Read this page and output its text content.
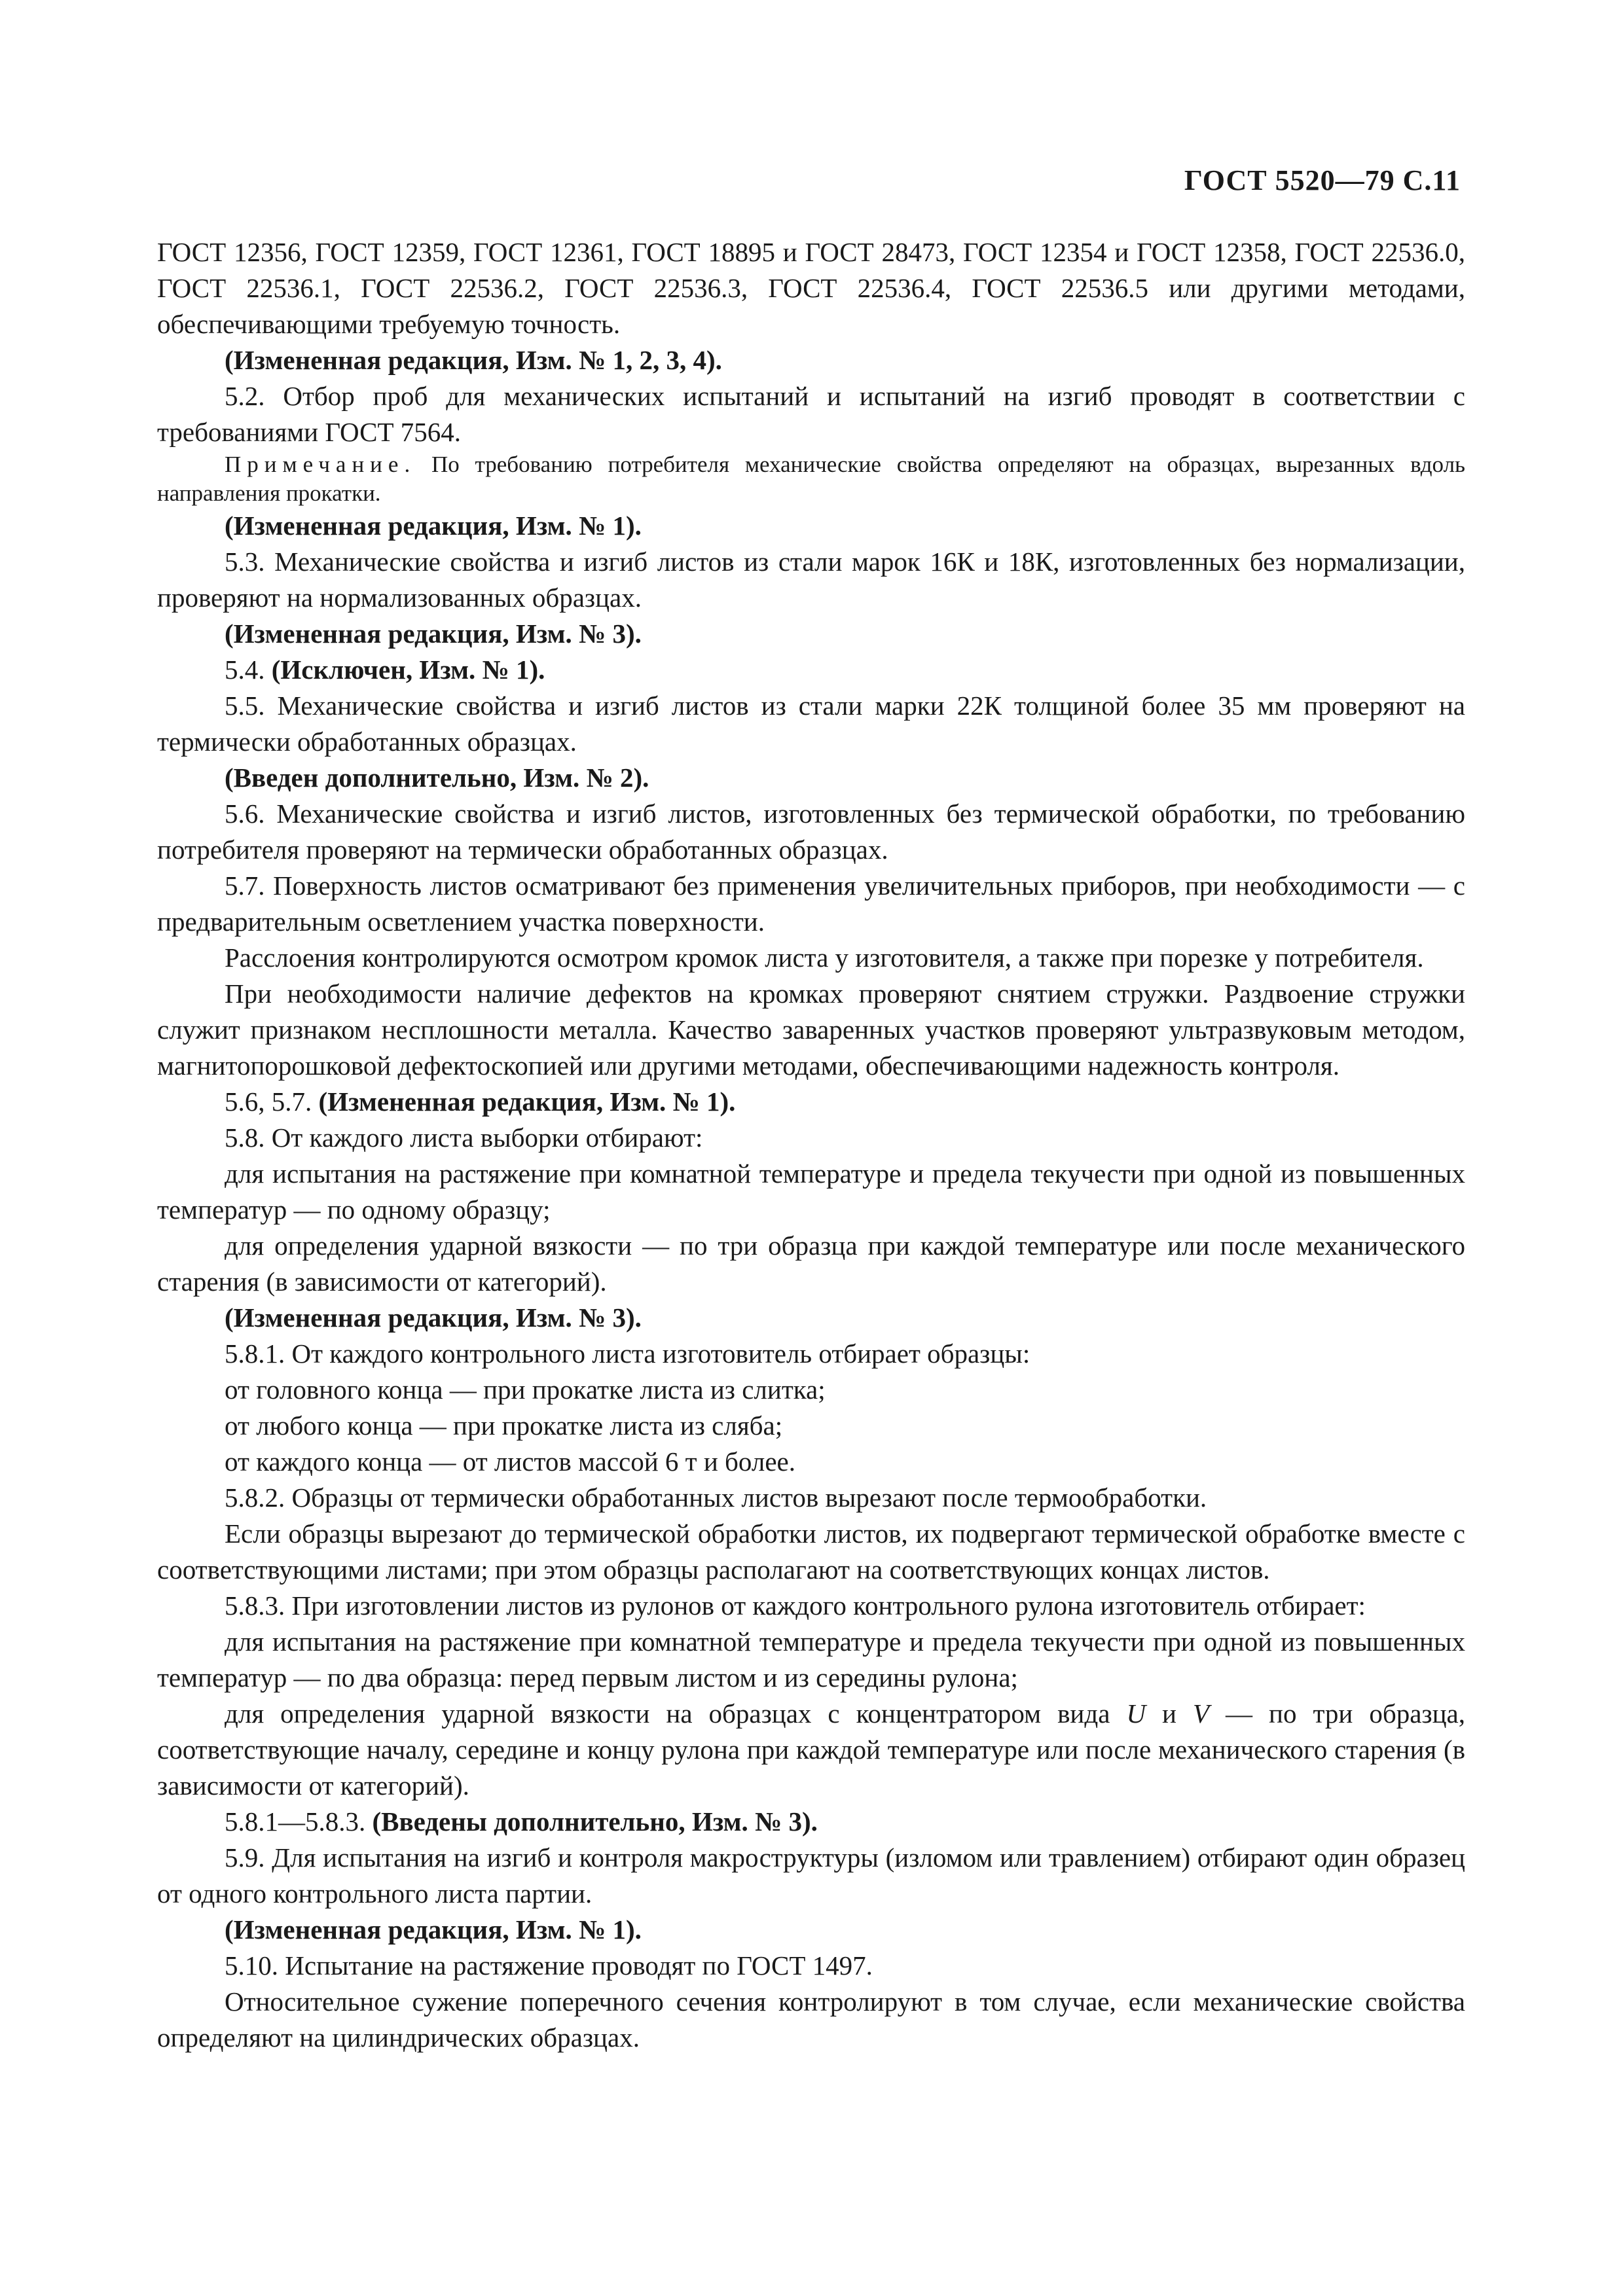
ГОСТ 5520—79 С.11

ГОСТ 12356, ГОСТ 12359, ГОСТ 12361, ГОСТ 18895 и ГОСТ 28473, ГОСТ 12354 и ГОСТ 12358, ГОСТ 22536.0, ГОСТ 22536.1, ГОСТ 22536.2, ГОСТ 22536.3, ГОСТ 22536.4, ГОСТ 22536.5 или другими методами, обеспечивающими требуемую точность.

(Измененная редакция, Изм. № 1, 2, 3, 4).

5.2. Отбор проб для механических испытаний и испытаний на изгиб проводят в соответствии с требованиями ГОСТ 7564.

Примечание. По требованию потребителя механические свойства определяют на образцах, вырезанных вдоль направления прокатки.

(Измененная редакция, Изм. № 1).

5.3. Механические свойства и изгиб листов из стали марок 16К и 18К, изготовленных без нормализации, проверяют на нормализованных образцах.

(Измененная редакция, Изм. № 3).

5.4. (Исключен, Изм. № 1).

5.5. Механические свойства и изгиб листов из стали марки 22К толщиной более 35 мм проверяют на термически обработанных образцах.

(Введен дополнительно, Изм. № 2).

5.6. Механические свойства и изгиб листов, изготовленных без термической обработки, по требованию потребителя проверяют на термически обработанных образцах.

5.7. Поверхность листов осматривают без применения увеличительных приборов, при необходимости — с предварительным осветлением участка поверхности.

Расслоения контролируются осмотром кромок листа у изготовителя, а также при порезке у потребителя.

При необходимости наличие дефектов на кромках проверяют снятием стружки. Раздвоение стружки служит признаком несплошности металла. Качество заваренных участков проверяют ультразвуковым методом, магнитопорошковой дефектоскопией или другими методами, обеспечивающими надежность контроля.

5.6, 5.7. (Измененная редакция, Изм. № 1).

5.8. От каждого листа выборки отбирают:

для испытания на растяжение при комнатной температуре и предела текучести при одной из повышенных температур — по одному образцу;

для определения ударной вязкости — по три образца при каждой температуре или после механического старения (в зависимости от категорий).

(Измененная редакция, Изм. № 3).

5.8.1. От каждого контрольного листа изготовитель отбирает образцы:

от головного конца — при прокатке листа из слитка;

от любого конца — при прокатке листа из сляба;

от каждого конца — от листов массой 6 т и более.

5.8.2. Образцы от термически обработанных листов вырезают после термообработки.

Если образцы вырезают до термической обработки листов, их подвергают термической обработке вместе с соответствующими листами; при этом образцы располагают на соответствующих концах листов.

5.8.3. При изготовлении листов из рулонов от каждого контрольного рулона изготовитель отбирает:

для испытания на растяжение при комнатной температуре и предела текучести при одной из повышенных температур — по два образца: перед первым листом и из середины рулона;

для определения ударной вязкости на образцах с концентратором вида U и V — по три образца, соответствующие началу, середине и концу рулона при каждой температуре или после механического старения (в зависимости от категорий).

5.8.1—5.8.3. (Введены дополнительно, Изм. № 3).

5.9. Для испытания на изгиб и контроля макроструктуры (изломом или травлением) отбирают один образец от одного контрольного листа партии.

(Измененная редакция, Изм. № 1).

5.10. Испытание на растяжение проводят по ГОСТ 1497.

Относительное сужение поперечного сечения контролируют в том случае, если механические свойства определяют на цилиндрических образцах.
